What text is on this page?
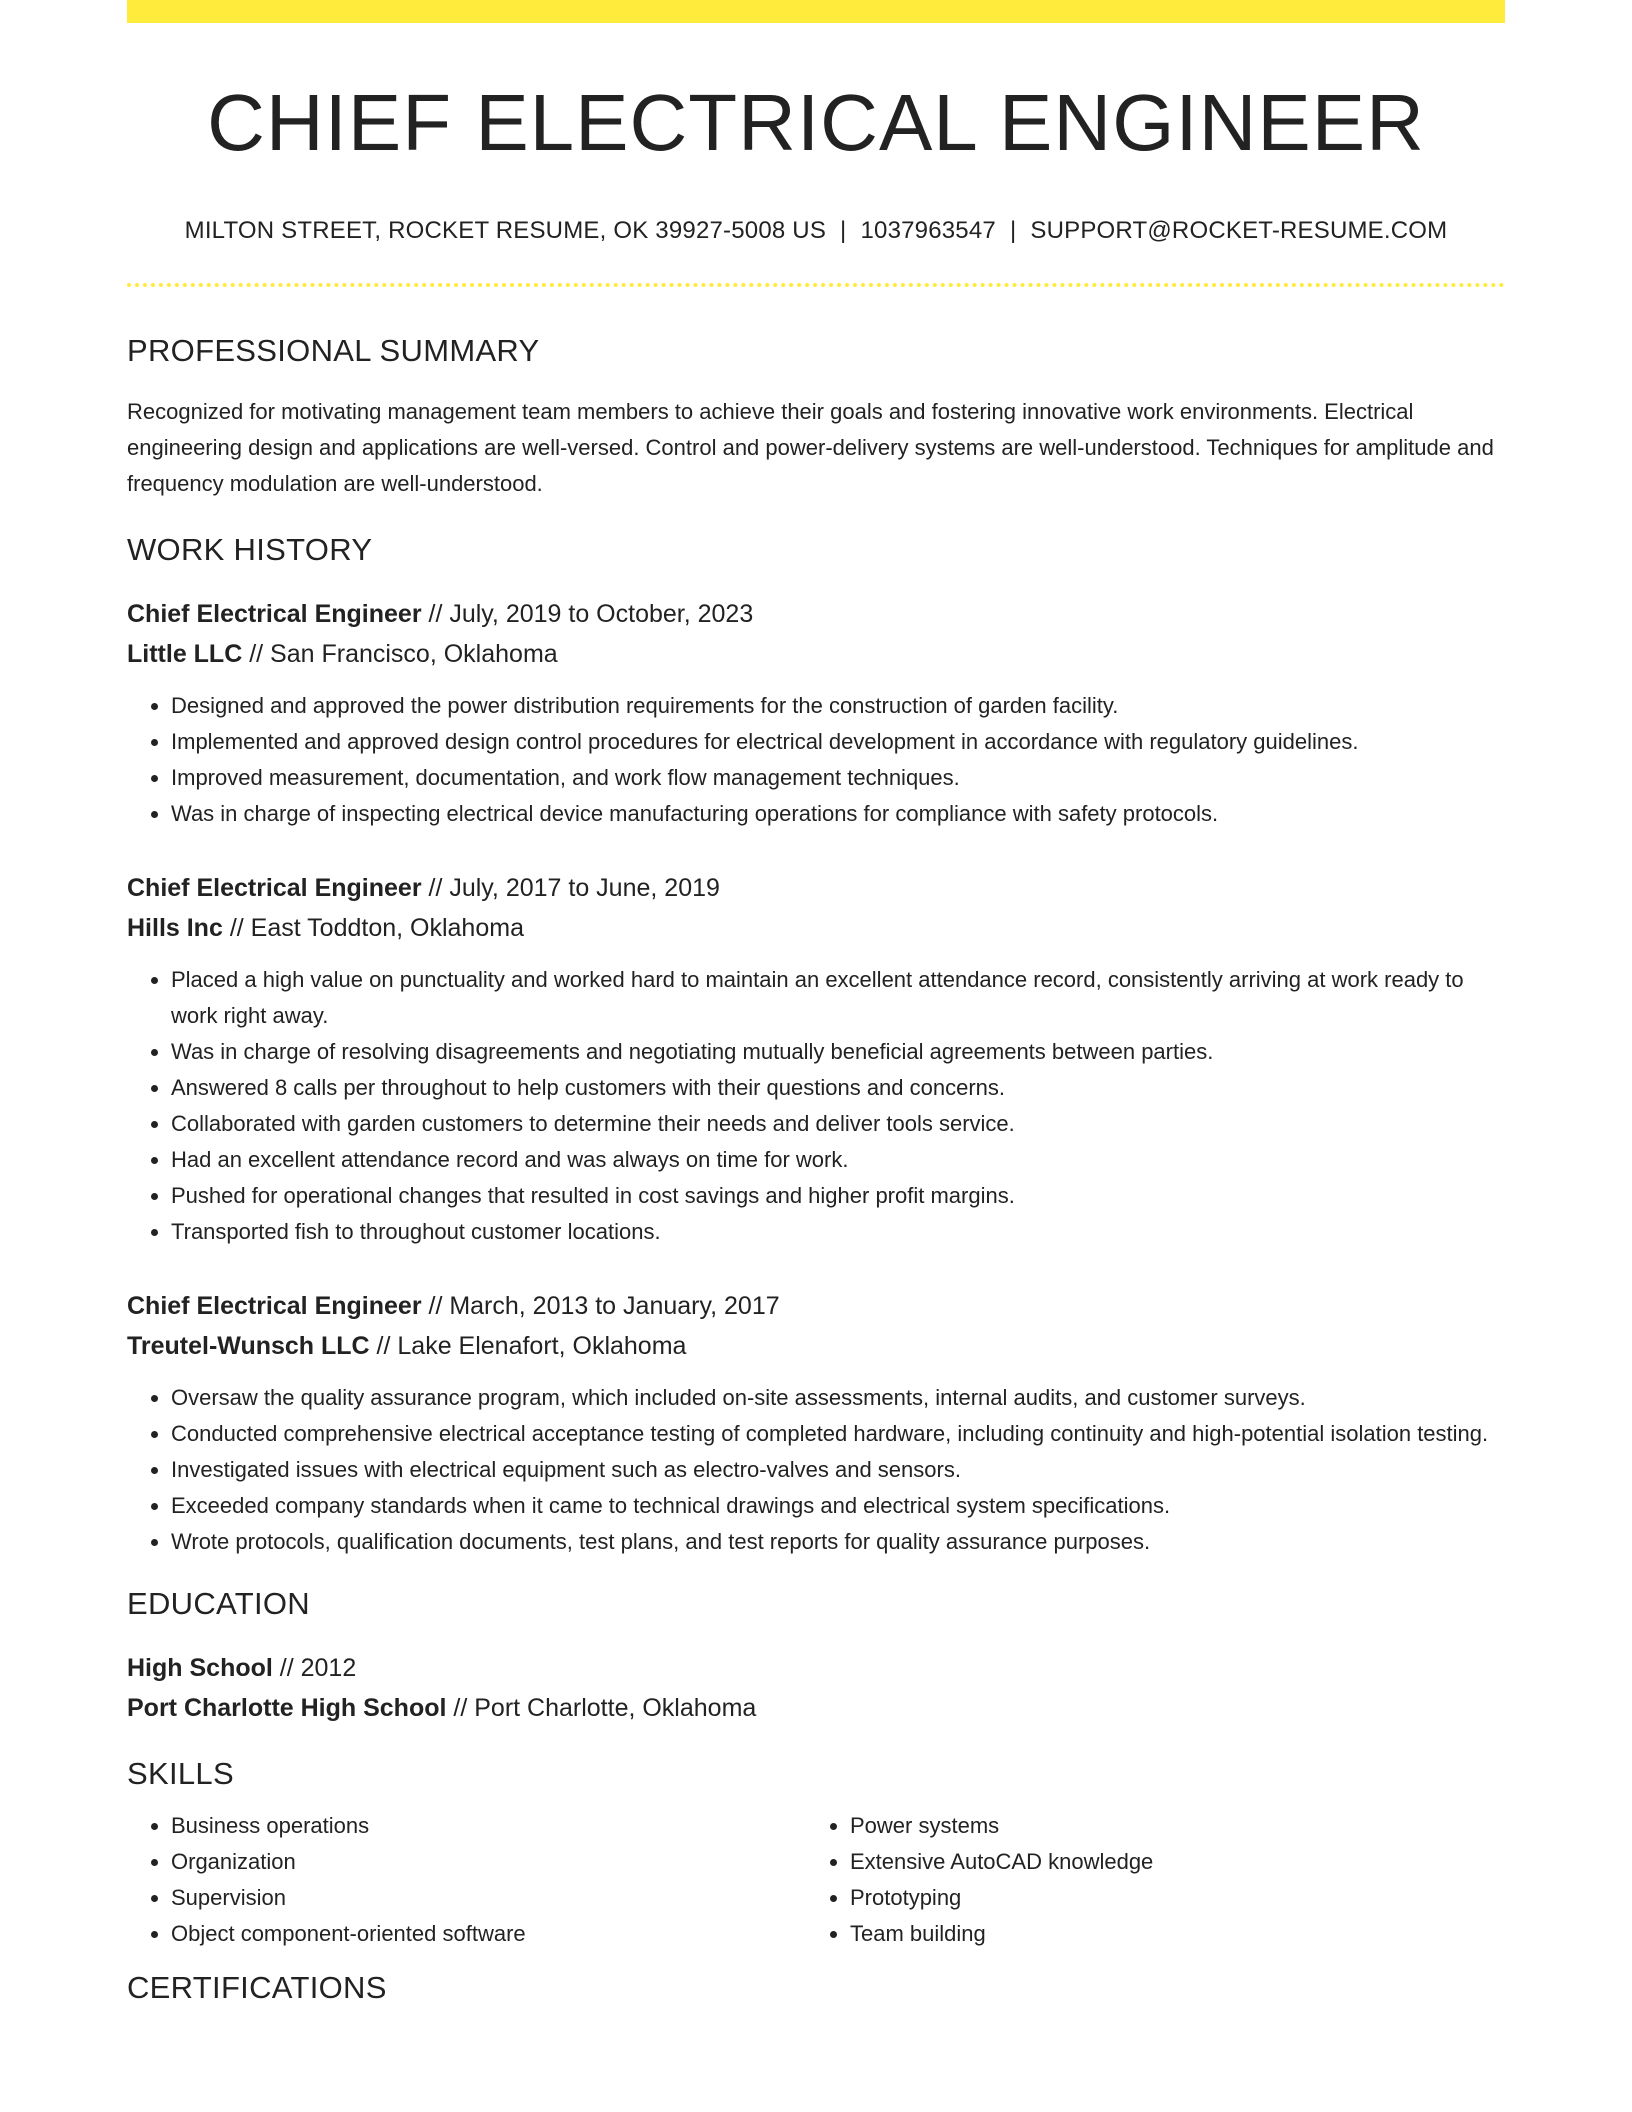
CHIEF ELECTRICAL ENGINEER
MILTON STREET, ROCKET RESUME, OK 39927-5008 US | 1037963547 | SUPPORT@ROCKET-RESUME.COM
PROFESSIONAL SUMMARY
Recognized for motivating management team members to achieve their goals and fostering innovative work environments. Electrical engineering design and applications are well-versed. Control and power-delivery systems are well-understood. Techniques for amplitude and frequency modulation are well-understood.
WORK HISTORY
Chief Electrical Engineer // July, 2019 to October, 2023
Little LLC // San Francisco, Oklahoma
• Designed and approved the power distribution requirements for the construction of garden facility.
• Implemented and approved design control procedures for electrical development in accordance with regulatory guidelines.
• Improved measurement, documentation, and work flow management techniques.
• Was in charge of inspecting electrical device manufacturing operations for compliance with safety protocols.
Chief Electrical Engineer // July, 2017 to June, 2019
Hills Inc // East Toddton, Oklahoma
• Placed a high value on punctuality and worked hard to maintain an excellent attendance record, consistently arriving at work ready to work right away.
• Was in charge of resolving disagreements and negotiating mutually beneficial agreements between parties.
• Answered 8 calls per throughout to help customers with their questions and concerns.
• Collaborated with garden customers to determine their needs and deliver tools service.
• Had an excellent attendance record and was always on time for work.
• Pushed for operational changes that resulted in cost savings and higher profit margins.
• Transported fish to throughout customer locations.
Chief Electrical Engineer // March, 2013 to January, 2017
Treutel-Wunsch LLC // Lake Elenafort, Oklahoma
• Oversaw the quality assurance program, which included on-site assessments, internal audits, and customer surveys.
• Conducted comprehensive electrical acceptance testing of completed hardware, including continuity and high-potential isolation testing.
• Investigated issues with electrical equipment such as electro-valves and sensors.
• Exceeded company standards when it came to technical drawings and electrical system specifications.
• Wrote protocols, qualification documents, test plans, and test reports for quality assurance purposes.
EDUCATION
High School // 2012
Port Charlotte High School // Port Charlotte, Oklahoma
SKILLS
• Business operations
• Organization
• Supervision
• Object component-oriented software
• Power systems
• Extensive AutoCAD knowledge
• Prototyping
• Team building
CERTIFICATIONS
